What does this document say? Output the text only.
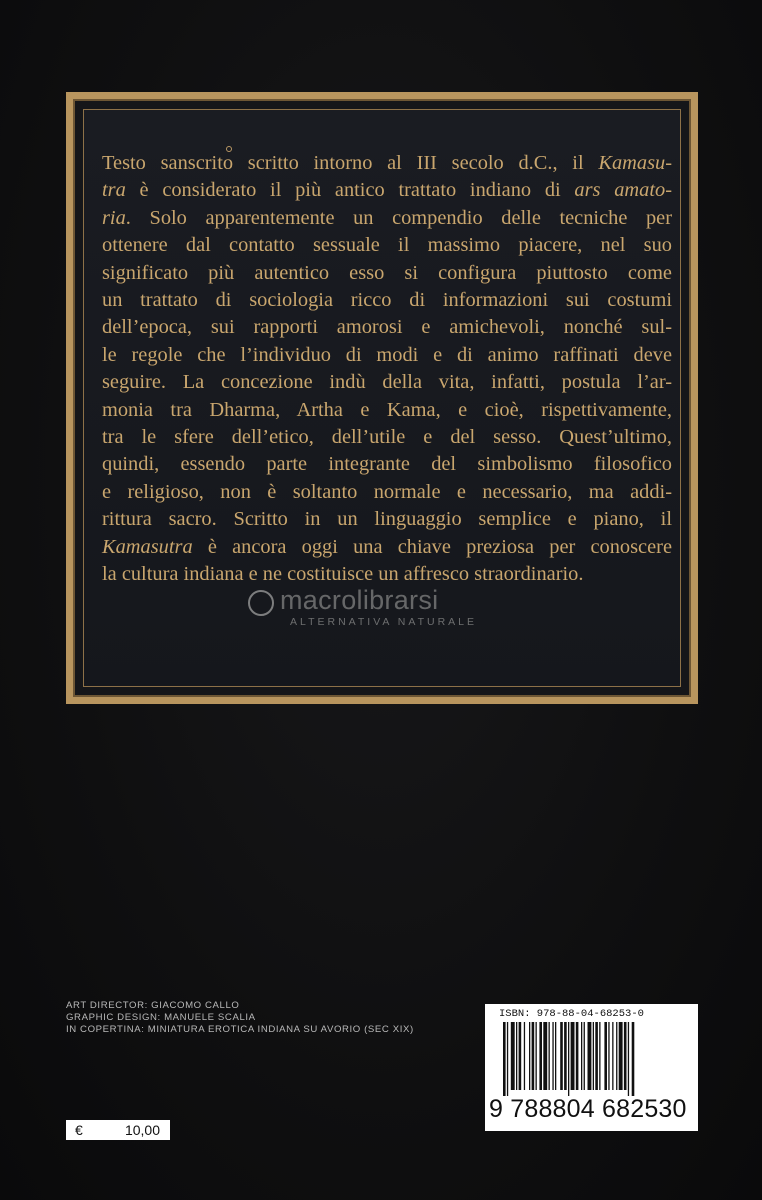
Testo sanscrito scritto intorno al III secolo d.C., il Kamasu-
tra è considerato il più antico trattato indiano di ars amato-
ria. Solo apparentemente un compendio delle tecniche per
ottenere dal contatto sessuale il massimo piacere, nel suo
significato più autentico esso si configura piuttosto come
un trattato di sociologia ricco di informazioni sui costumi
dell’epoca, sui rapporti amorosi e amichevoli, nonché sul-
le regole che l’individuo di modi e di animo raffinati deve
seguire. La concezione indù della vita, infatti, postula l’ar-
monia tra Dharma, Artha e Kama, e cioè, rispettivamente,
tra le sfere dell’etico, dell’utile e del sesso. Quest’ultimo,
quindi, essendo parte integrante del simbolismo filosofico
e religioso, non è soltanto normale e necessario, ma addi-
rittura sacro. Scritto in un linguaggio semplice e piano, il
Kamasutra è ancora oggi una chiave preziosa per conoscere
la cultura indiana e ne costituisce un affresco straordinario.

macrolibrarsi
ALTERNATIVA NATURALE
ART DIRECTOR: GIACOMO CALLO
GRAPHIC DESIGN: MANUELE SCALIA
IN COPERTINA: MINIATURA EROTICA INDIANA SU AVORIO (SEC XIX)
€	10,00
ISBN: 978-88-04-68253-0
9 788804 682530
